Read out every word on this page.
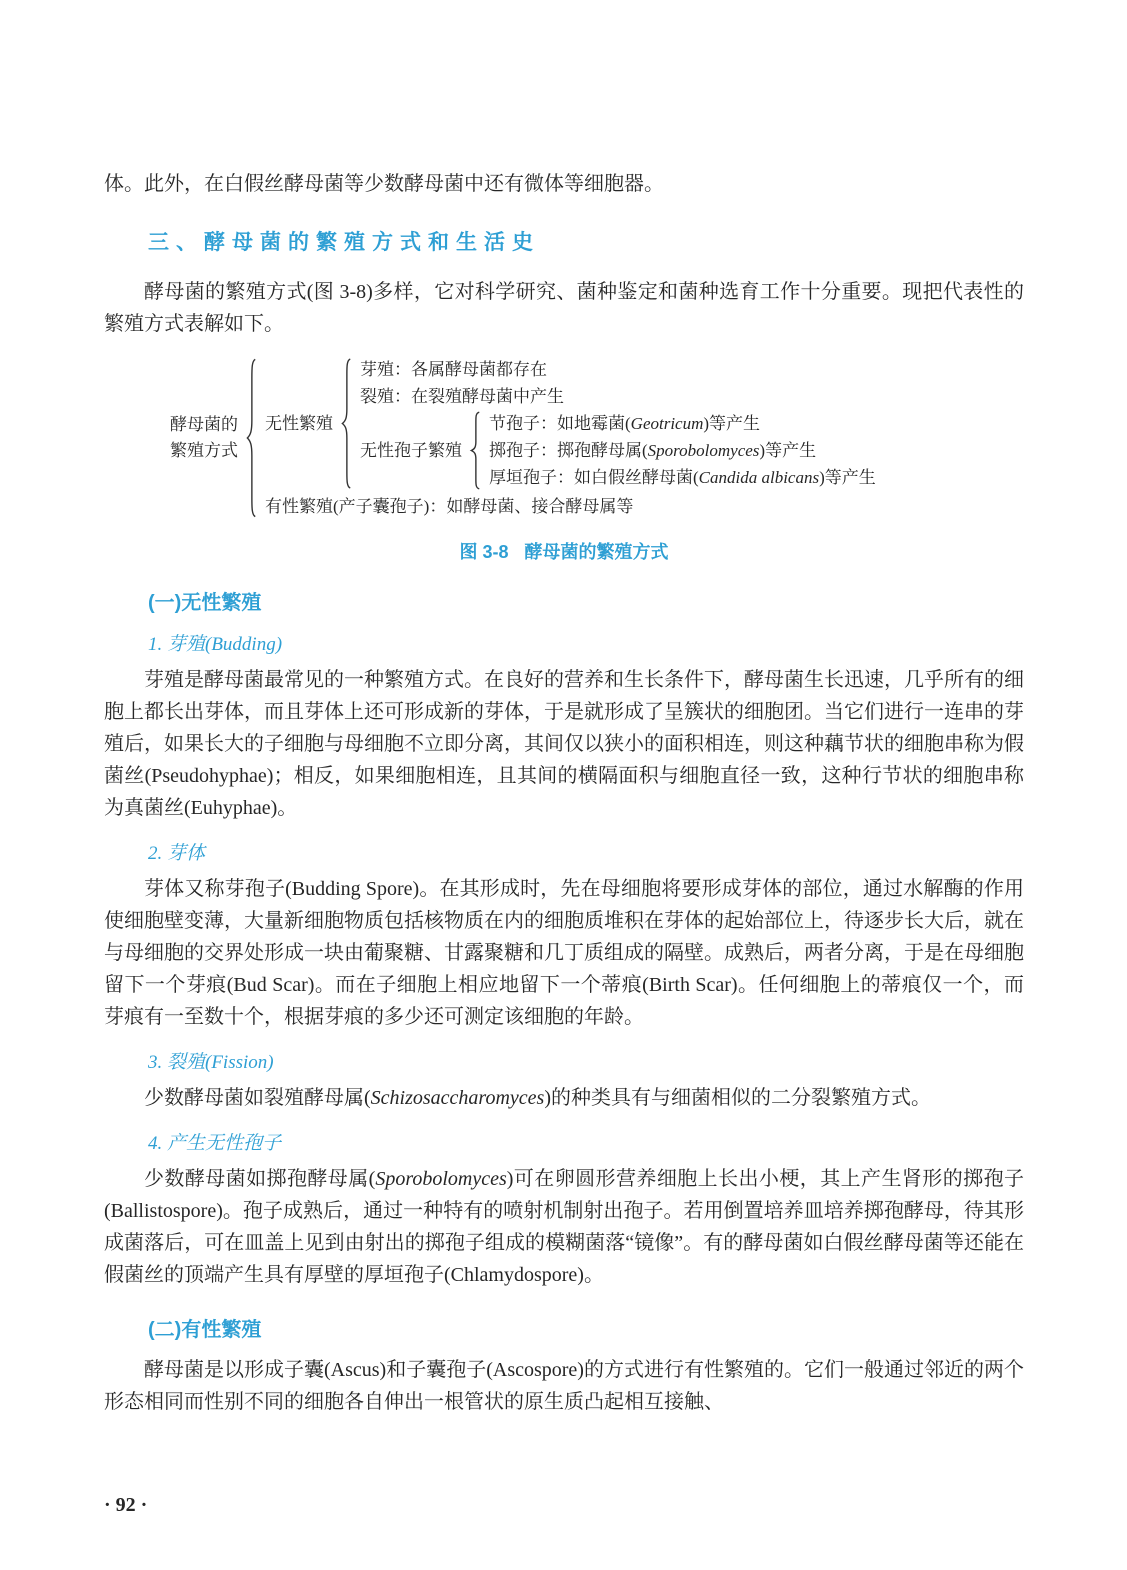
体。此外，在白假丝酵母菌等少数酵母菌中还有微体等细胞器。

三、酵母菌的繁殖方式和生活史

酵母菌的繁殖方式(图 3-8)多样，它对科学研究、菌种鉴定和菌种选育工作十分重要。现把代表性的繁殖方式表解如下。

酵母菌的
繁殖方式
无性繁殖
芽殖：各属酵母菌都存在
裂殖：在裂殖酵母菌中产生
无性孢子繁殖
节孢子：如地霉菌(Geotricum)等产生
掷孢子：掷孢酵母属(Sporobolomyces)等产生
厚垣孢子：如白假丝酵母菌(Candida albicans)等产生
有性繁殖(产子囊孢子)：如酵母菌、接合酵母属等
图 3-8 酵母菌的繁殖方式
(一)无性繁殖
1. 芽殖(Budding)

芽殖是酵母菌最常见的一种繁殖方式。在良好的营养和生长条件下，酵母菌生长迅速，几乎所有的细胞上都长出芽体，而且芽体上还可形成新的芽体，于是就形成了呈簇状的细胞团。当它们进行一连串的芽殖后，如果长大的子细胞与母细胞不立即分离，其间仅以狭小的面积相连，则这种藕节状的细胞串称为假菌丝(Pseudohyphae)；相反，如果细胞相连，且其间的横隔面积与细胞直径一致，这种行节状的细胞串称为真菌丝(Euhyphae)。

2. 芽体

芽体又称芽孢子(Budding Spore)。在其形成时，先在母细胞将要形成芽体的部位，通过水解酶的作用使细胞壁变薄，大量新细胞物质包括核物质在内的细胞质堆积在芽体的起始部位上，待逐步长大后，就在与母细胞的交界处形成一块由葡聚糖、甘露聚糖和几丁质组成的隔壁。成熟后，两者分离，于是在母细胞留下一个芽痕(Bud Scar)。而在子细胞上相应地留下一个蒂痕(Birth Scar)。任何细胞上的蒂痕仅一个，而芽痕有一至数十个，根据芽痕的多少还可测定该细胞的年龄。

3. 裂殖(Fission)

少数酵母菌如裂殖酵母属(Schizosaccharomyces)的种类具有与细菌相似的二分裂繁殖方式。

4. 产生无性孢子

少数酵母菌如掷孢酵母属(Sporobolomyces)可在卵圆形营养细胞上长出小梗，其上产生肾形的掷孢子(Ballistospore)。孢子成熟后，通过一种特有的喷射机制射出孢子。若用倒置培养皿培养掷孢酵母，待其形成菌落后，可在皿盖上见到由射出的掷孢子组成的模糊菌落“镜像”。有的酵母菌如白假丝酵母菌等还能在假菌丝的顶端产生具有厚壁的厚垣孢子(Chlamydospore)。

(二)有性繁殖

酵母菌是以形成子囊(Ascus)和子囊孢子(Ascospore)的方式进行有性繁殖的。它们一般通过邻近的两个形态相同而性别不同的细胞各自伸出一根管状的原生质凸起相互接触、

· 92 ·
